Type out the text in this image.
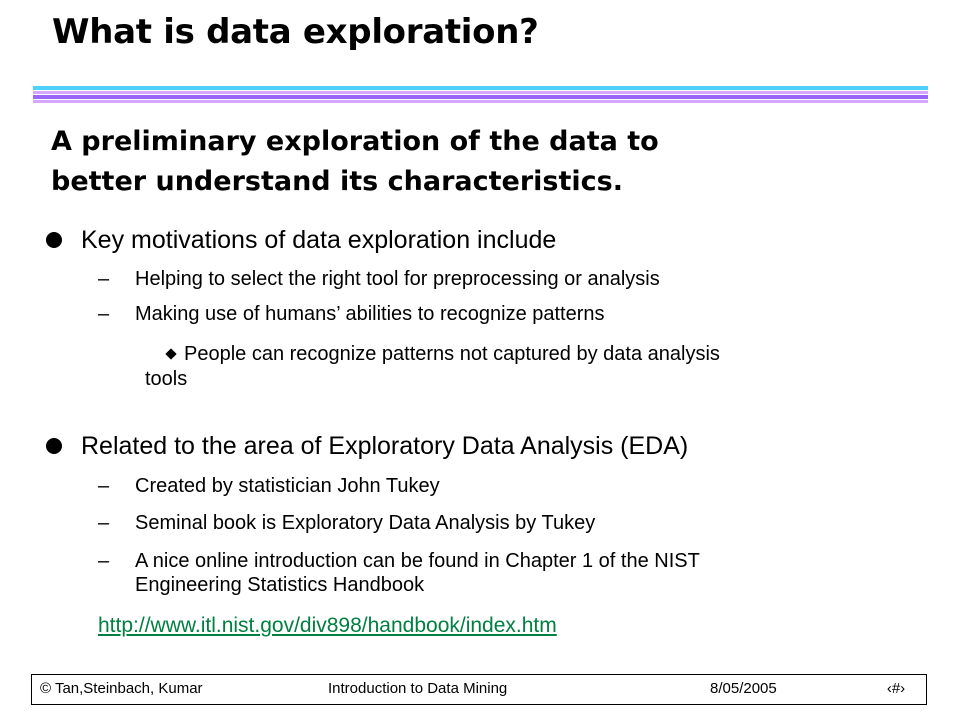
What is data exploration?

A preliminary exploration of the data to
better understand its characteristics.

Key motivations of data exploration include
–	Helping to select the right tool for preprocessing or analysis
–	Making use of humans’ abilities to recognize patterns
People can recognize patterns not captured by data analysis
tools
Related to the area of Exploratory Data Analysis (EDA)
–	Created by statistician John Tukey
–	Seminal book is Exploratory Data Analysis by Tukey
–	A nice online introduction can be found in Chapter 1 of the NIST
Engineering Statistics Handbook
http://www.itl.nist.gov/div898/handbook/index.htm
© Tan,Steinbach, Kumar	Introduction to Data Mining	8/05/2005	‹#›
